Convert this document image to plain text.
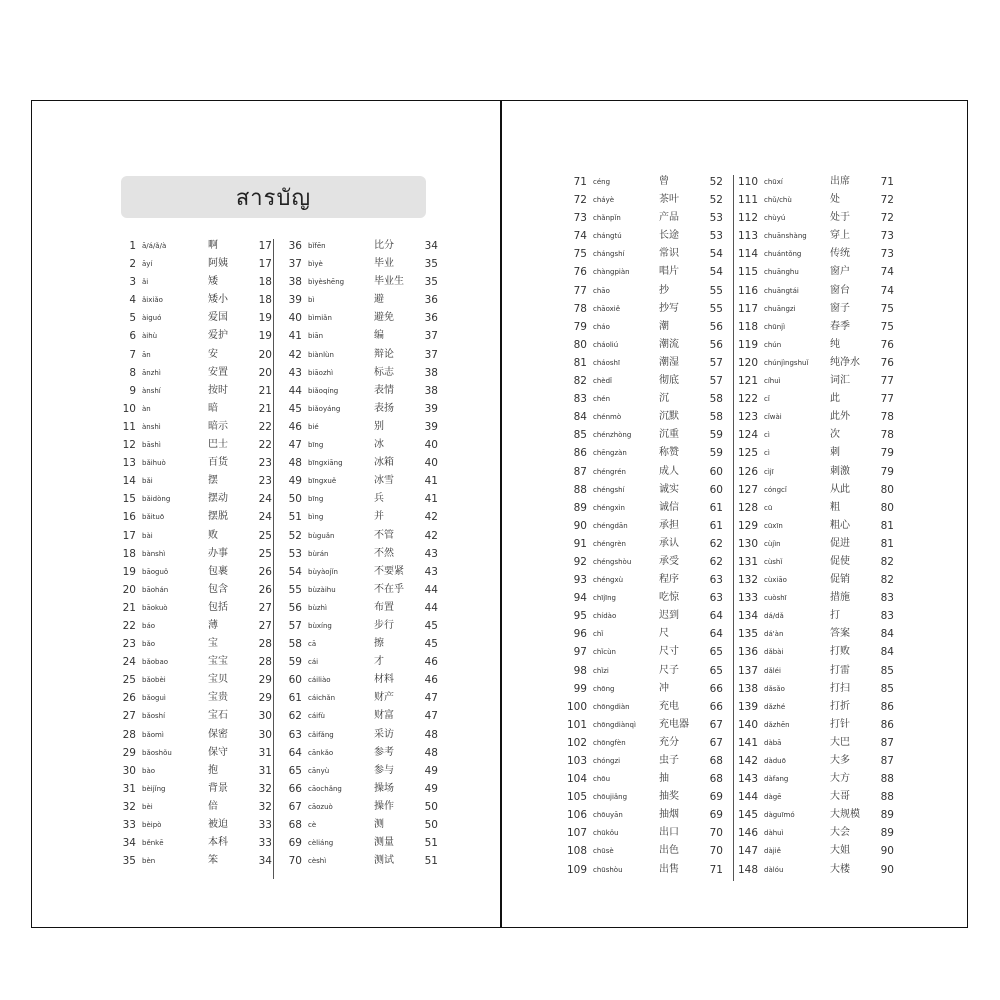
สารบัญ
1 ā/á/ǎ/à	啊	17
2 āyí	阿姨	17
3 ǎi	矮	18
4 ǎixiǎo	矮小	18
5 àiguó	爱国	19
6 àihù	爱护	19
7 ān	安	20
8 ānzhì	安置	20
9 ànshí	按时	21
10 àn	暗	21
11 ànshì	暗示	22
12 bāshì	巴士	22
13 bǎihuò	百货	23
14 bǎi	摆	23
15 bǎidòng	摆动	24
16 bǎituō	摆脱	24
17 bài	败	25
18 bànshì	办事	25
19 bāoguǒ	包裹	26
20 bāohán	包含	26
21 bāokuò	包括	27
22 báo	薄	27
23 bǎo	宝	28
24 bǎobao	宝宝	28
25 bǎobèi	宝贝	29
26 bǎoguì	宝贵	29
27 bǎoshí	宝石	30
28 bǎomì	保密	30
29 bǎoshǒu	保守	31
30 bào	抱	31
31 bèijǐng	背景	32
32 bèi	倍	32
33 bèipò	被迫	33
34 běnkē	本科	33
35 bèn	笨	34
36 bǐfēn	比分	34
37 bìyè	毕业	35
38 bìyèshēng	毕业生	35
39 bì	避	36
40 bìmiǎn	避免	36
41 biān	编	37
42 biànlùn	辩论	37
43 biāozhì	标志	38
44 biǎoqíng	表情	38
45 biǎoyáng	表扬	39
46 bié	别	39
47 bīng	冰	40
48 bīngxiāng	冰箱	40
49 bīngxuě	冰雪	41
50 bīng	兵	41
51 bìng	并	42
52 bùguǎn	不管	42
53 bùrán	不然	43
54 bùyàojǐn	不要紧	43
55 bùzàihu	不在乎	44
56 bùzhì	布置	44
57 bùxíng	步行	45
58 cā	擦	45
59 cái	才	46
60 cáiliào	材料	46
61 cáichǎn	财产	47
62 cáifù	财富	47
63 cǎifǎng	采访	48
64 cānkǎo	参考	48
65 cānyù	参与	49
66 cāochǎng	操场	49
67 cāozuò	操作	50
68 cè	测	50
69 cèliáng	测量	51
70 cèshì	测试	51
71 céng	曾	52
72 cháyè	茶叶	52
73 chǎnpǐn	产品	53
74 chángtú	长途	53
75 chángshí	常识	54
76 chàngpiàn	唱片	54
77 chāo	抄	55
78 chāoxiě	抄写	55
79 cháo	潮	56
80 cháoliú	潮流	56
81 cháoshī	潮湿	57
82 chèdǐ	彻底	57
83 chén	沉	58
84 chénmò	沉默	58
85 chénzhòng	沉重	59
86 chēngzàn	称赞	59
87 chéngrén	成人	60
88 chéngshí	诚实	60
89 chéngxìn	诚信	61
90 chéngdān	承担	61
91 chéngrèn	承认	62
92 chéngshòu	承受	62
93 chéngxù	程序	63
94 chījīng	吃惊	63
95 chídào	迟到	64
96 chǐ	尺	64
97 chǐcùn	尺寸	65
98 chǐzi	尺子	65
99 chōng	冲	66
100 chōngdiàn	充电	66
101 chōngdiànqì	充电器	67
102 chōngfèn	充分	67
103 chóngzi	虫子	68
104 chōu	抽	68
105 chōujiǎng	抽奖	69
106 chōuyān	抽烟	69
107 chūkǒu	出口	70
108 chūsè	出色	70
109 chūshòu	出售	71
110 chūxí	出席	71
111 chǔ/chù	处	72
112 chùyú	处于	72
113 chuānshàng	穿上	73
114 chuántǒng	传统	73
115 chuānghu	窗户	74
116 chuāngtái	窗台	74
117 chuāngzi	窗子	75
118 chūnjì	春季	75
119 chún	纯	76
120 chúnjìngshuǐ	纯净水	76
121 cíhuì	词汇	77
122 cǐ	此	77
123 cǐwài	此外	78
124 cì	次	78
125 cì	刺	79
126 cìjī	刺激	79
127 cóngcǐ	从此	80
128 cū	粗	80
129 cūxīn	粗心	81
130 cùjìn	促进	81
131 cùshǐ	促使	82
132 cùxiāo	促销	82
133 cuòshī	措施	83
134 dá/dǎ	打	83
135 dá'àn	答案	84
136 dǎbài	打败	84
137 dǎléi	打雷	85
138 dǎsǎo	打扫	85
139 dǎzhé	打折	86
140 dǎzhēn	打针	86
141 dàbā	大巴	87
142 dàduō	大多	87
143 dàfang	大方	88
144 dàgē	大哥	88
145 dàguīmó	大规模	89
146 dàhuì	大会	89
147 dàjiě	大姐	90
148 dàlóu	大楼	90
